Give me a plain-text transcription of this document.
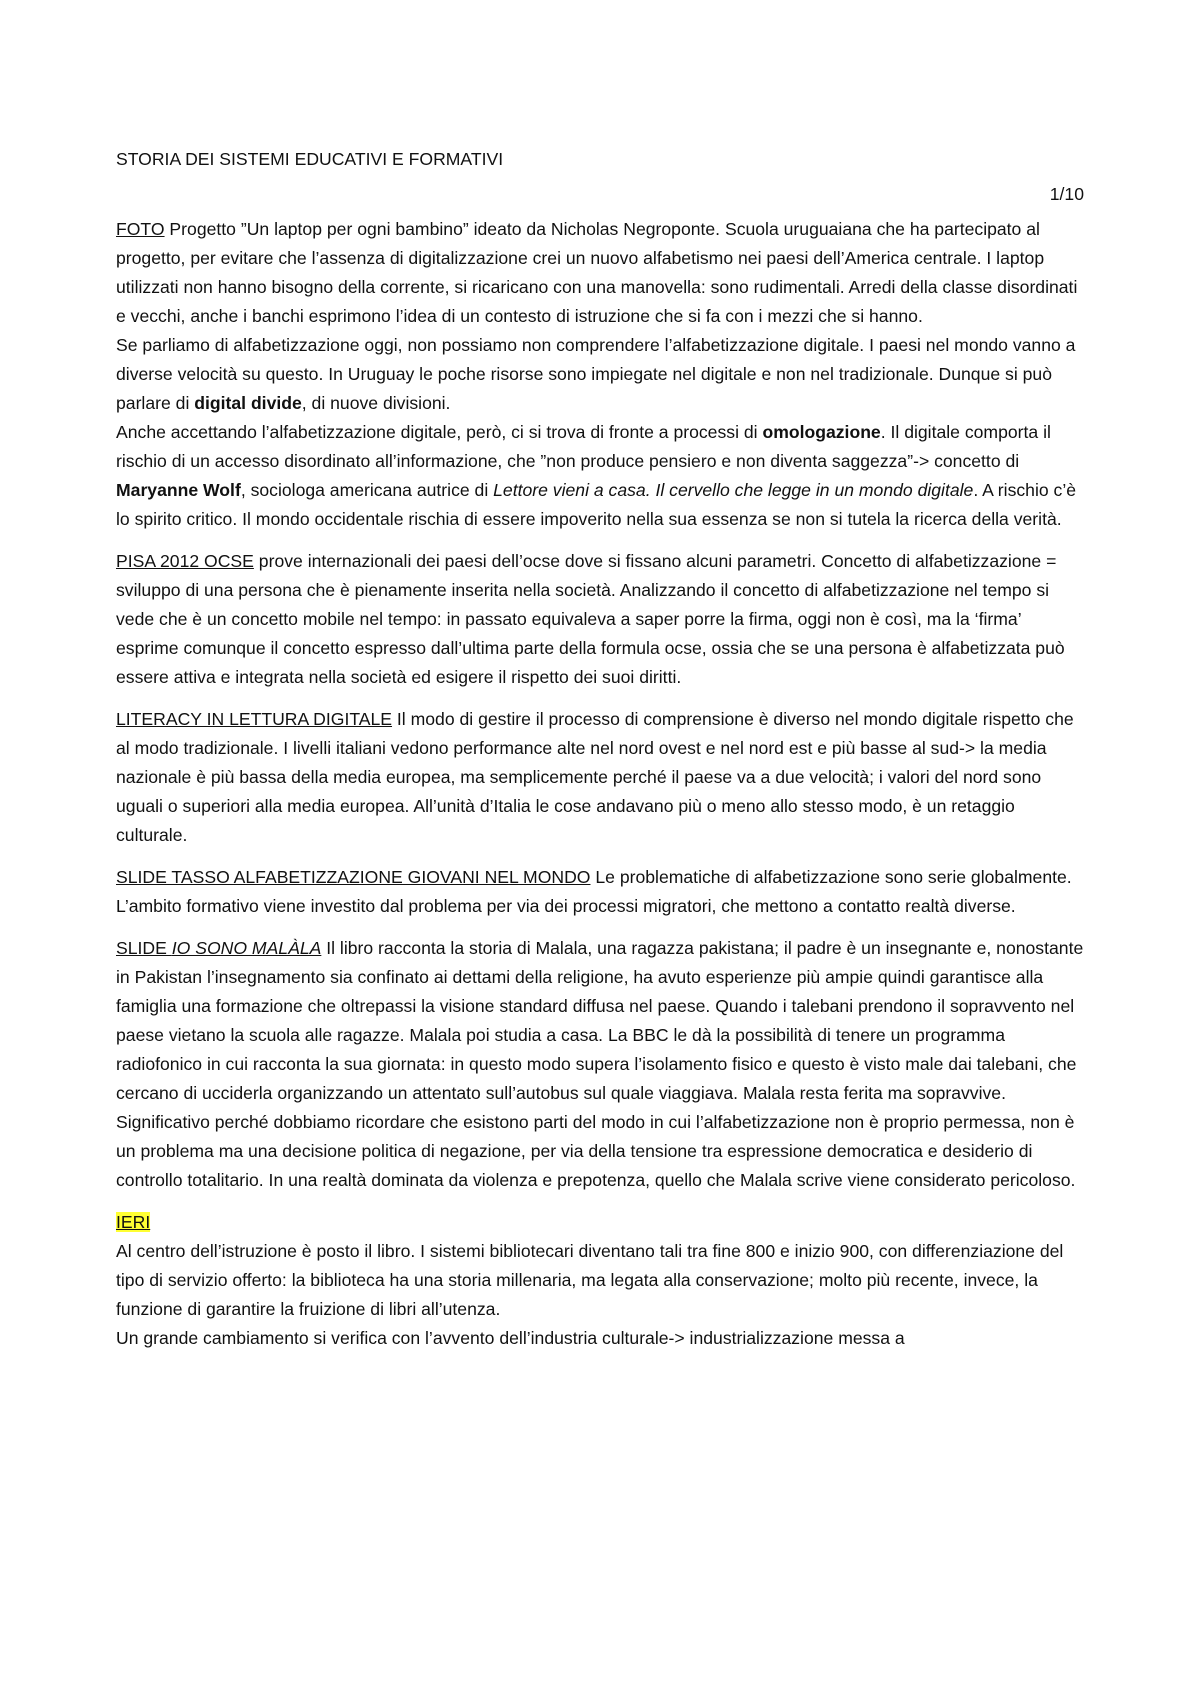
STORIA DEI SISTEMI EDUCATIVI E FORMATIVI

1/10

FOTO Progetto ”Un laptop per ogni bambino” ideato da Nicholas Negroponte. Scuola uruguaiana che ha partecipato al progetto, per evitare che l’assenza di digitalizzazione crei un nuovo alfabetismo nei paesi dell’America centrale. I laptop utilizzati non hanno bisogno della corrente, si ricaricano con una manovella: sono rudimentali. Arredi della classe disordinati e vecchi, anche i banchi esprimono l’idea di un contesto di istruzione che si fa con i mezzi che si hanno.

Se parliamo di alfabetizzazione oggi, non possiamo non comprendere l’alfabetizzazione digitale. I paesi nel mondo vanno a diverse velocità su questo. In Uruguay le poche risorse sono impiegate nel digitale e non nel tradizionale. Dunque si può parlare di digital divide, di nuove divisioni.

Anche accettando l’alfabetizzazione digitale, però, ci si trova di fronte a processi di omologazione. Il digitale comporta il rischio di un accesso disordinato all’informazione, che ”non produce pensiero e non diventa saggezza”-> concetto di Maryanne Wolf, sociologa americana autrice di Lettore vieni a casa. Il cervello che legge in un mondo digitale. A rischio c’è lo spirito critico. Il mondo occidentale rischia di essere impoverito nella sua essenza se non si tutela la ricerca della verità.

PISA 2012 OCSE prove internazionali dei paesi dell’ocse dove si fissano alcuni parametri. Concetto di alfabetizzazione = sviluppo di una persona che è pienamente inserita nella società. Analizzando il concetto di alfabetizzazione nel tempo si vede che è un concetto mobile nel tempo: in passato equivaleva a saper porre la firma, oggi non è così, ma la ‘firma’ esprime comunque il concetto espresso dall’ultima parte della formula ocse, ossia che se una persona è alfabetizzata può essere attiva e integrata nella società ed esigere il rispetto dei suoi diritti.

LITERACY IN LETTURA DIGITALE Il modo di gestire il processo di comprensione è diverso nel mondo digitale rispetto che al modo tradizionale. I livelli italiani vedono performance alte nel nord ovest e nel nord est e più basse al sud-> la media nazionale è più bassa della media europea, ma semplicemente perché il paese va a due velocità; i valori del nord sono uguali o superiori alla media europea. All’unità d’Italia le cose andavano più o meno allo stesso modo, è un retaggio culturale.

SLIDE TASSO ALFABETIZZAZIONE GIOVANI NEL MONDO Le problematiche di alfabetizzazione sono serie globalmente. L’ambito formativo viene investito dal problema per via dei processi migratori, che mettono a contatto realtà diverse.

SLIDE IO SONO MALÀLA Il libro racconta la storia di Malala, una ragazza pakistana; il padre è un insegnante e, nonostante in Pakistan l’insegnamento sia confinato ai dettami della religione, ha avuto esperienze più ampie quindi garantisce alla famiglia una formazione che oltrepassi la visione standard diffusa nel paese. Quando i talebani prendono il sopravvento nel paese vietano la scuola alle ragazze. Malala poi studia a casa. La BBC le dà la possibilità di tenere un programma radiofonico in cui racconta la sua giornata: in questo modo supera l’isolamento fisico e questo è visto male dai talebani, che cercano di ucciderla organizzando un attentato sull’autobus sul quale viaggiava. Malala resta ferita ma sopravvive.

Significativo perché dobbiamo ricordare che esistono parti del modo in cui l’alfabetizzazione non è proprio permessa, non è un problema ma una decisione politica di negazione, per via della tensione tra espressione democratica e desiderio di controllo totalitario. In una realtà dominata da violenza e prepotenza, quello che Malala scrive viene considerato pericoloso.

IERI

Al centro dell’istruzione è posto il libro. I sistemi bibliotecari diventano tali tra fine 800 e inizio 900, con differenziazione del tipo di servizio offerto: la biblioteca ha una storia millenaria, ma legata alla conservazione; molto più recente, invece, la funzione di garantire la fruizione di libri all’utenza.

Un grande cambiamento si verifica con l’avvento dell’industria culturale-> industrializzazione messa a
